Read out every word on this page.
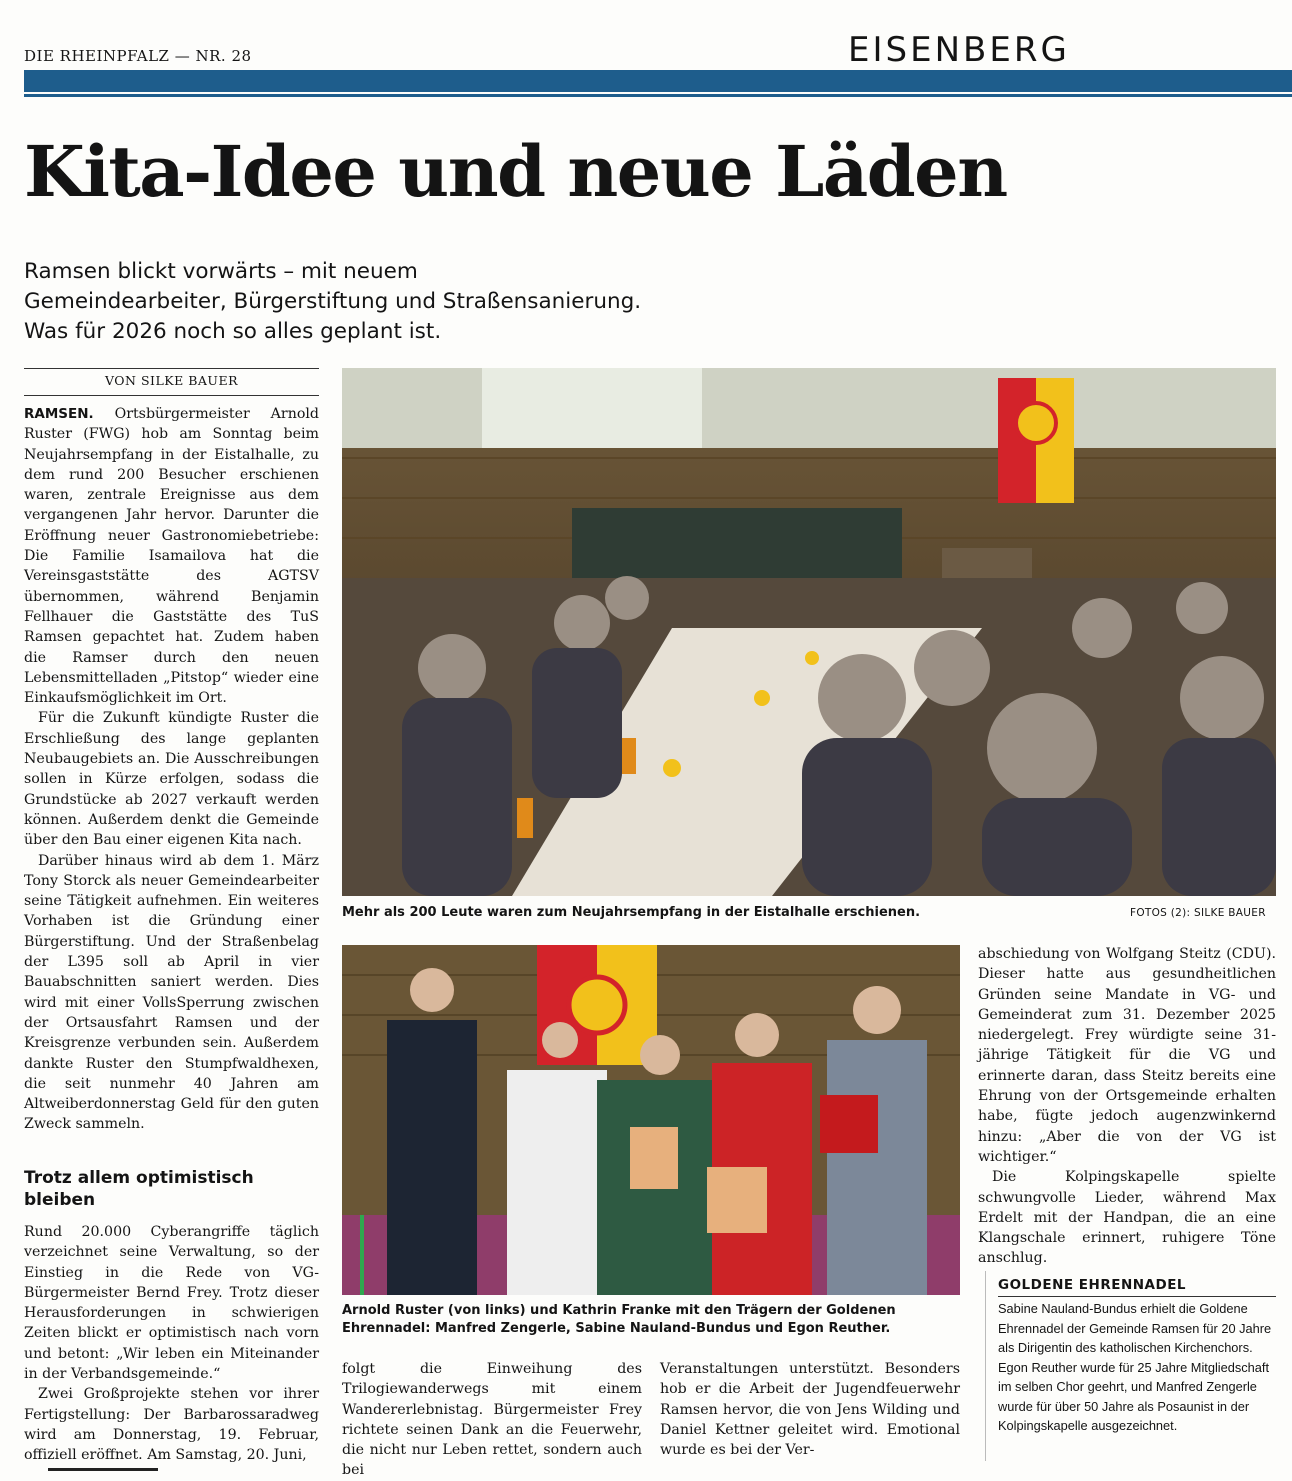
DIE RHEINPFALZ — NR. 28	EISENBERG
Kita-Idee und neue Läden
Ramsen blickt vorwärts – mit neuem
Gemeindearbeiter, Bürgerstiftung und Straßensanierung.
Was für 2026 noch so alles geplant ist.
VON SILKE BAUER

RAMSEN. Ortsbürgermeister Arnold Ruster (FWG) hob am Sonntag beim Neujahrsempfang in der Eistalhalle, zu dem rund 200 Besucher erschienen waren, zentrale Ereignisse aus dem vergangenen Jahr hervor. Darunter die Eröffnung neuer Gastronomiebetriebe: Die Familie Isamailova hat die Vereinsgaststätte des AGTSV übernommen, während Benjamin Fellhauer die Gaststätte des TuS Ramsen gepachtet hat. Zudem haben die Ramser durch den neuen Lebensmittelladen „Pitstop“ wieder eine Einkaufsmöglichkeit im Ort.

Für die Zukunft kündigte Ruster die Erschließung des lange geplanten Neubaugebiets an. Die Ausschreibungen sollen in Kürze erfolgen, sodass die Grundstücke ab 2027 verkauft werden können. Außerdem denkt die Gemeinde über den Bau einer eigenen Kita nach.

Darüber hinaus wird ab dem 1. März Tony Storck als neuer Gemeindearbeiter seine Tätigkeit aufnehmen. Ein weiteres Vorhaben ist die Gründung einer Bürgerstiftung. Und der Straßenbelag der L395 soll ab April in vier Bauabschnitten saniert werden. Dies wird mit einer VollsSperrung zwischen der Ortsausfahrt Ramsen und der Kreisgrenze verbunden sein. Außerdem dankte Ruster den Stumpfwaldhexen, die seit nunmehr 40 Jahren am Altweiberdonnerstag Geld für den guten Zweck sammeln.

Trotz allem optimistisch bleiben

Rund 20.000 Cyberangriffe täglich verzeichnet seine Verwaltung, so der Einstieg in die Rede von VG-Bürgermeister Bernd Frey. Trotz dieser Herausforderungen in schwierigen Zeiten blickt er optimistisch nach vorn und betont: „Wir leben ein Miteinander in der Verbandsgemeinde.“

Zwei Großprojekte stehen vor ihrer Fertigstellung: Der Barbarossaradweg wird am Donnerstag, 19. Februar, offiziell eröffnet. Am Samstag, 20. Juni,

Mehr als 200 Leute waren zum Neujahrsempfang in der Eistalhalle erschienen.	FOTOS (2): SILKE BAUER
Arnold Ruster (von links) und Kathrin Franke mit den Trägern der Goldenen Ehrennadel: Manfred Zengerle, Sabine Nauland-Bundus und Egon Reuther.

folgt die Einweihung des Trilogiewanderwegs mit einem Wandererlebnistag. Bürgermeister Frey richtete seinen Dank an die Feuerwehr, die nicht nur Leben rettet, sondern auch bei

Veranstaltungen unterstützt. Besonders hob er die Arbeit der Jugendfeuerwehr Ramsen hervor, die von Jens Wilding und Daniel Kettner geleitet wird. Emotional wurde es bei der Ver-

abschiedung von Wolfgang Steitz (CDU). Dieser hatte aus gesundheitlichen Gründen seine Mandate in VG- und Gemeinderat zum 31. Dezember 2025 niedergelegt. Frey würdigte seine 31-jährige Tätigkeit für die VG und erinnerte daran, dass Steitz bereits eine Ehrung von der Ortsgemeinde erhalten habe, fügte jedoch augenzwinkernd hinzu: „Aber die von der VG ist wichtiger.“

Die Kolpingskapelle spielte schwungvolle Lieder, während Max Erdelt mit der Handpan, die an eine Klangschale erinnert, ruhigere Töne anschlug.

GOLDENE EHRENNADEL
Sabine Nauland-Bundus erhielt die Goldene Ehrennadel der Gemeinde Ramsen für 20 Jahre als Dirigentin des katholischen Kirchenchors. Egon Reuther wurde für 25 Jahre Mitgliedschaft im selben Chor geehrt, und Manfred Zengerle wurde für über 50 Jahre als Posaunist in der Kolpingskapelle ausgezeichnet.
